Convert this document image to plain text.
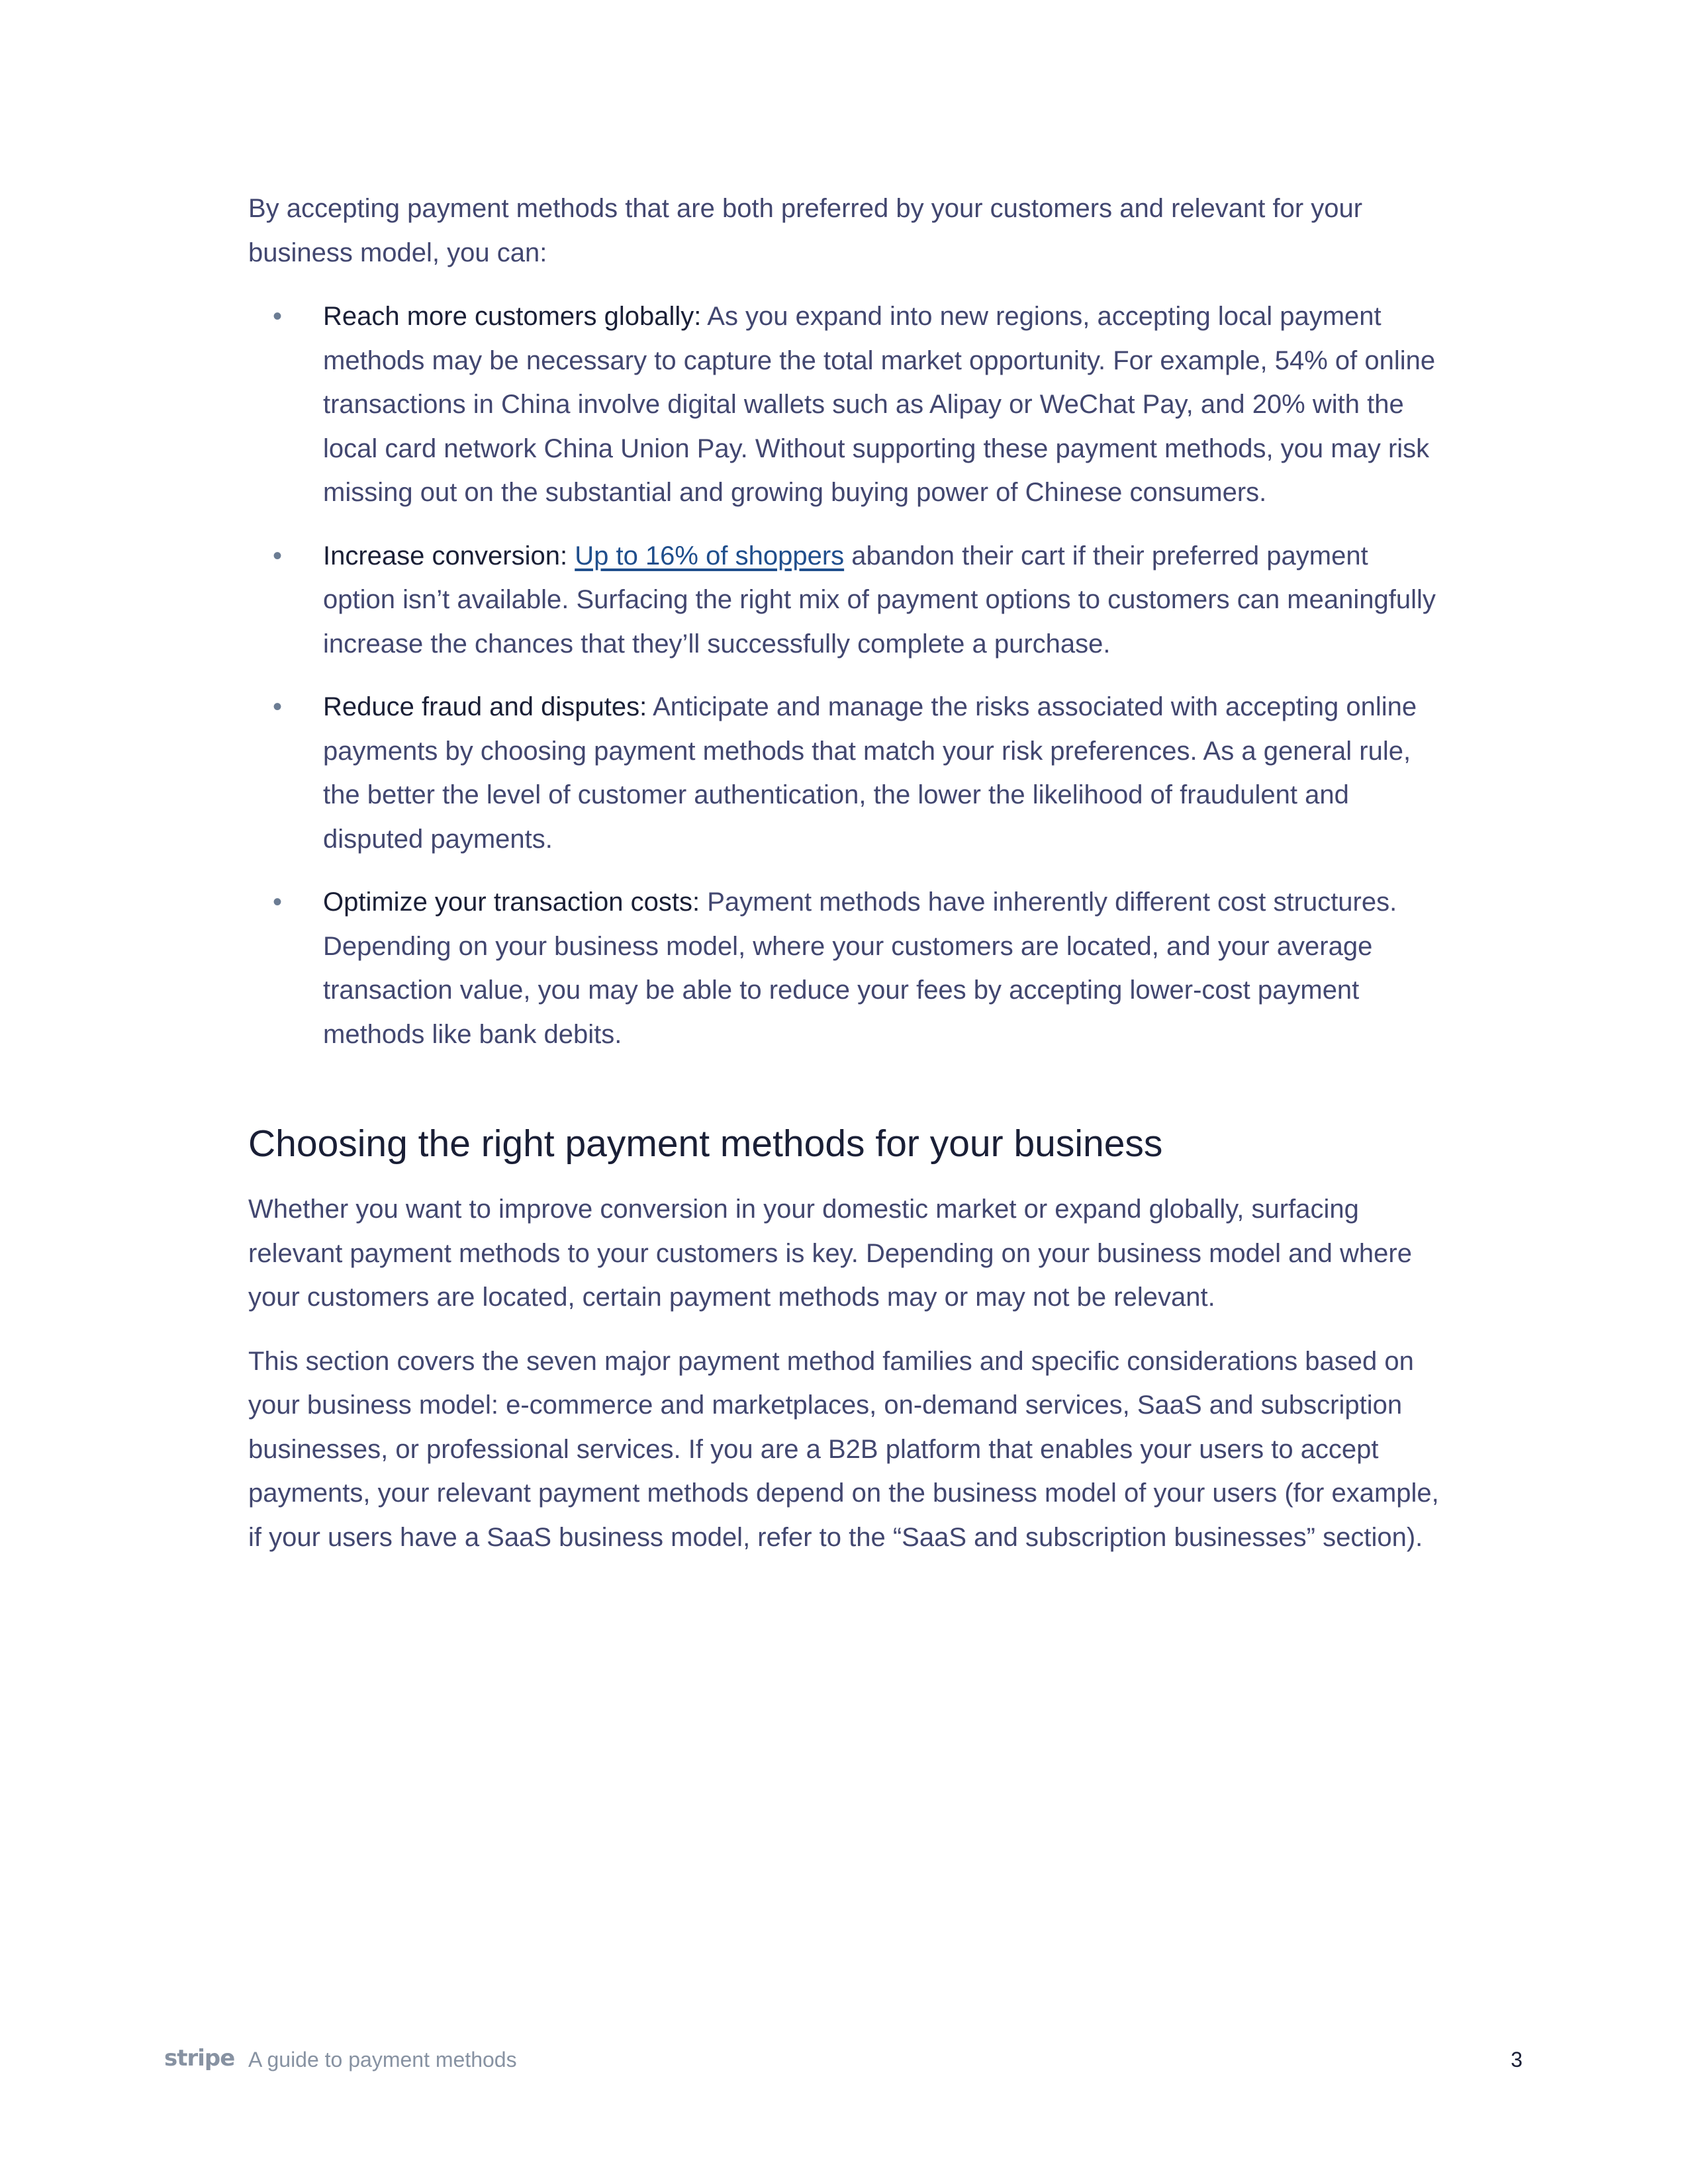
By accepting payment methods that are both preferred by your customers and relevant for your business model, you can:

• Reach more customers globally: As you expand into new regions, accepting local payment methods may be necessary to capture the total market opportunity. For example, 54% of online transactions in China involve digital wallets such as Alipay or WeChat Pay, and 20% with the local card network China Union Pay. Without supporting these payment methods, you may risk missing out on the substantial and growing buying power of Chinese consumers.
• Increase conversion: Up to 16% of shoppers abandon their cart if their preferred payment option isn’t available. Surfacing the right mix of payment options to customers can meaningfully increase the chances that they’ll successfully complete a purchase.
• Reduce fraud and disputes: Anticipate and manage the risks associated with accepting online payments by choosing payment methods that match your risk preferences. As a general rule, the better the level of customer authentication, the lower the likelihood of fraudulent and disputed payments.
• Optimize your transaction costs: Payment methods have inherently different cost structures. Depending on your business model, where your customers are located, and your average transaction value, you may be able to reduce your fees by accepting lower-cost payment methods like bank debits.
Choosing the right payment methods for your business

Whether you want to improve conversion in your domestic market or expand globally, surfacing relevant payment methods to your customers is key. Depending on your business model and where your customers are located, certain payment methods may or may not be relevant.

This section covers the seven major payment method families and specific considerations based on your business model: e-commerce and marketplaces, on-demand services, SaaS and subscription businesses, or professional services. If you are a B2B platform that enables your users to accept payments, your relevant payment methods depend on the business model of your users (for example, if your users have a SaaS business model, refer to the “SaaS and subscription businesses” section).

stripe A guide to payment methods	3
